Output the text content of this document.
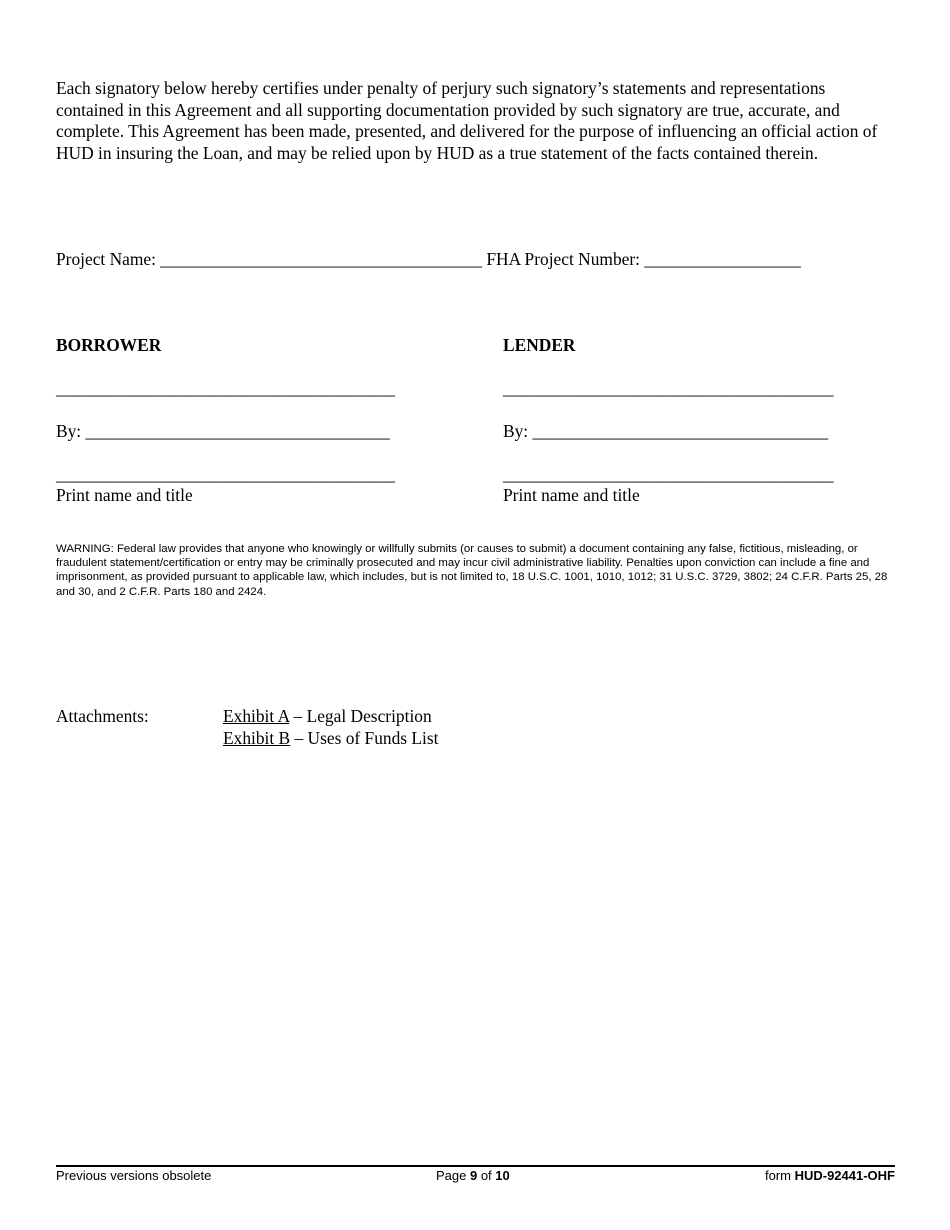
Each signatory below hereby certifies under penalty of perjury such signatory’s statements and representations contained in this Agreement and all supporting documentation provided by such signatory are true, accurate, and complete. This Agreement has been made, presented, and delivered for the purpose of influencing an official action of HUD in insuring the Loan, and may be relied upon by HUD as a true statement of the facts contained therein.
Project Name: _____________________________________ FHA Project Number: __________________
BORROWER
_______________________________________
By: ___________________________________
_______________________________________
Print name and title
LENDER
______________________________________
By: __________________________________
______________________________________
Print name and title
WARNING: Federal law provides that anyone who knowingly or willfully submits (or causes to submit) a document containing any false, fictitious, misleading, or fraudulent statement/certification or entry may be criminally prosecuted and may incur civil administrative liability. Penalties upon conviction can include a fine and imprisonment, as provided pursuant to applicable law, which includes, but is not limited to, 18 U.S.C. 1001, 1010, 1012; 31 U.S.C. 3729, 3802; 24 C.F.R. Parts 25, 28 and 30, and 2 C.F.R. Parts 180 and 2424.
Attachments:	Exhibit A – Legal Description
Exhibit B – Uses of Funds List
Previous versions obsolete	Page 9 of 10	form HUD-92441-OHF
